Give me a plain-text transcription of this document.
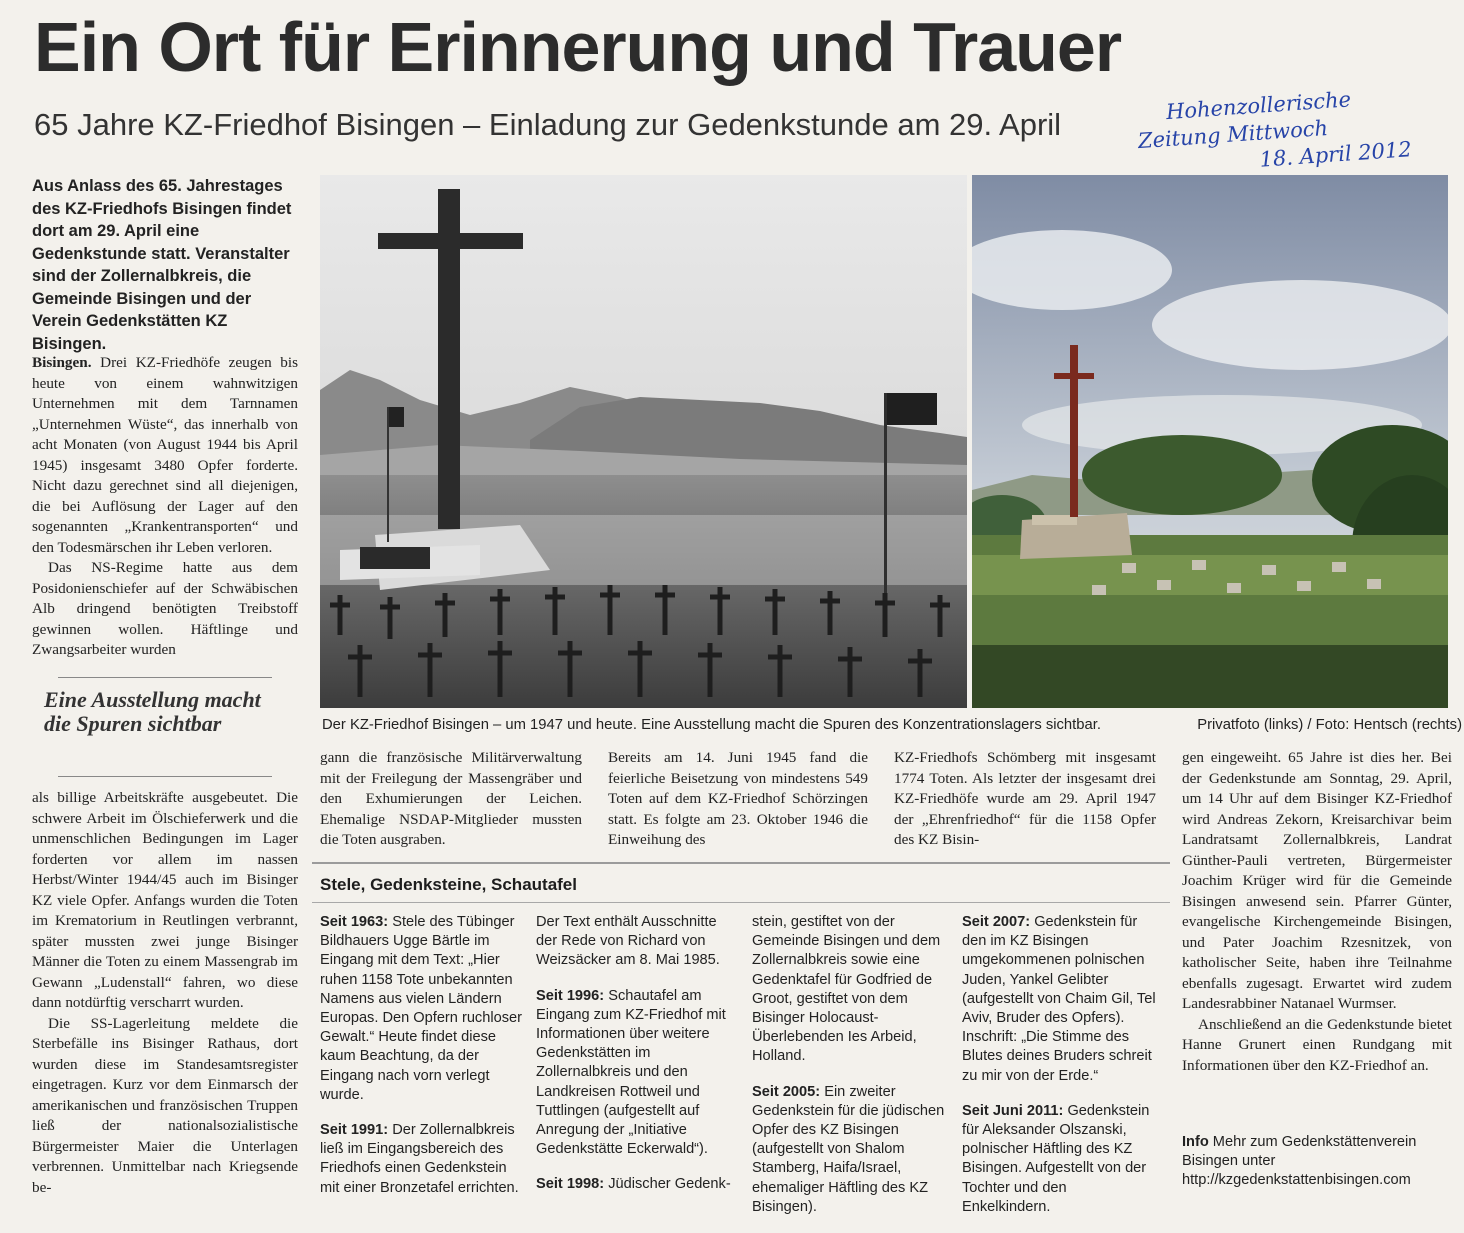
Ein Ort für Erinnerung und Trauer
65 Jahre KZ-Friedhof Bisingen – Einladung zur Gedenkstunde am 29. April
Hohenzollerische
Zeitung Mittwoch
18. April 2012
Aus Anlass des 65. Jahrestages des KZ-Friedhofs Bisingen findet dort am 29. April eine Gedenkstunde statt. Veranstalter sind der Zollernalbkreis, die Gemeinde Bisingen und der Verein Gedenkstätten KZ Bisingen.

Bisingen. Drei KZ-Friedhöfe zeugen bis heute von einem wahnwitzigen Unternehmen mit dem Tarnnamen „Unternehmen Wüste“, das innerhalb von acht Monaten (von August 1944 bis April 1945) insgesamt 3480 Opfer forderte. Nicht dazu gerechnet sind all diejenigen, die bei Auflösung der Lager auf den sogenannten „Krankentransporten“ und den Todesmärschen ihr Leben verloren.

Das NS-Regime hatte aus dem Posidonienschiefer auf der Schwäbischen Alb dringend benötigten Treibstoff gewinnen wollen. Häftlinge und Zwangsarbeiter wurden

Eine Ausstellung macht die Spuren sichtbar

als billige Arbeitskräfte ausgebeutet. Die schwere Arbeit im Ölschieferwerk und die unmenschlichen Bedingungen im Lager forderten vor allem im nassen Herbst/Winter 1944/45 auch im Bisinger KZ viele Opfer. Anfangs wurden die Toten im Krematorium in Reutlingen verbrannt, später mussten zwei junge Bisinger Männer die Toten zu einem Massengrab im Gewann „Ludenstall“ fahren, wo diese dann notdürftig verscharrt wurden.

Die SS-Lagerleitung meldete die Sterbefälle ins Bisinger Rathaus, dort wurden diese im Standesamtsregister eingetragen. Kurz vor dem Einmarsch der amerikanischen und französischen Truppen ließ der nationalsozialistische Bürgermeister Maier die Unterlagen verbrennen. Unmittelbar nach Kriegsende be-

Der KZ-Friedhof Bisingen – um 1947 und heute. Eine Ausstellung macht die Spuren des Konzentrationslagers sichtbar.	Privatfoto (links) / Foto: Hentsch (rechts)
gann die französische Militärverwaltung mit der Freilegung der Massengräber und den Exhumierungen der Leichen. Ehemalige NSDAP-Mitglieder mussten die Toten ausgraben.
Bereits am 14. Juni 1945 fand die feierliche Beisetzung von mindestens 549 Toten auf dem KZ-Friedhof Schörzingen statt. Es folgte am 23. Oktober 1946 die Einweihung des
KZ-Friedhofs Schömberg mit insgesamt 1774 Toten. Als letzter der insgesamt drei KZ-Friedhöfe wurde am 29. April 1947 der „Ehrenfriedhof“ für die 1158 Opfer des KZ Bisin-

gen eingeweiht. 65 Jahre ist dies her. Bei der Gedenkstunde am Sonntag, 29. April, um 14 Uhr auf dem Bisinger KZ-Friedhof wird Andreas Zekorn, Kreisarchivar beim Landratsamt Zollernalbkreis, Landrat Günther-Pauli vertreten, Bürgermeister Joachim Krüger wird für die Gemeinde Bisingen anwesend sein. Pfarrer Günter, evangelische Kirchengemeinde Bisingen, und Pater Joachim Rzesnitzek, von katholischer Seite, haben ihre Teilnahme ebenfalls zugesagt. Erwartet wird zudem Landesrabbiner Natanael Wurmser.

Anschließend an die Gedenkstunde bietet Hanne Grunert einen Rundgang mit Informationen über den KZ-Friedhof an.

Stele, Gedenksteine, Schautafel

Seit 1963: Stele des Tübinger Bildhauers Ugge Bärtle im Eingang mit dem Text: „Hier ruhen 1158 Tote unbekannten Namens aus vielen Ländern Europas. Den Opfern ruchloser Gewalt.“ Heute findet diese kaum Beachtung, da der Eingang nach vorn verlegt wurde.

Seit 1991: Der Zollernalbkreis ließ im Eingangsbereich des Friedhofs einen Gedenkstein mit einer Bronzetafel errichten.

Der Text enthält Ausschnitte der Rede von Richard von Weizsäcker am 8. Mai 1985.

Seit 1996: Schautafel am Eingang zum KZ-Friedhof mit Informationen über weitere Gedenkstätten im Zollernalbkreis und den Landkreisen Rottweil und Tuttlingen (aufgestellt auf Anregung der „Initiative Gedenkstätte Eckerwald“).

Seit 1998: Jüdischer Gedenk-

stein, gestiftet von der Gemeinde Bisingen und dem Zollernalbkreis sowie eine Gedenktafel für Godfried de Groot, gestiftet von dem Bisinger Holocaust-Überlebenden Ies Arbeid, Holland.

Seit 2005: Ein zweiter Gedenkstein für die jüdischen Opfer des KZ Bisingen (aufgestellt von Shalom Stamberg, Haifa/Israel, ehemaliger Häftling des KZ Bisingen).

Seit 2007: Gedenkstein für den im KZ Bisingen umgekommenen polnischen Juden, Yankel Gelibter (aufgestellt von Chaim Gil, Tel Aviv, Bruder des Opfers). Inschrift: „Die Stimme des Blutes deines Bruders schreit zu mir von der Erde.“

Seit Juni 2011: Gedenkstein für Aleksander Olszanski, polnischer Häftling des KZ Bisingen. Aufgestellt von der Tochter und den Enkelkindern.

Info Mehr zum Gedenkstättenverein Bisingen unter http://kzgedenkstattenbisingen.com
